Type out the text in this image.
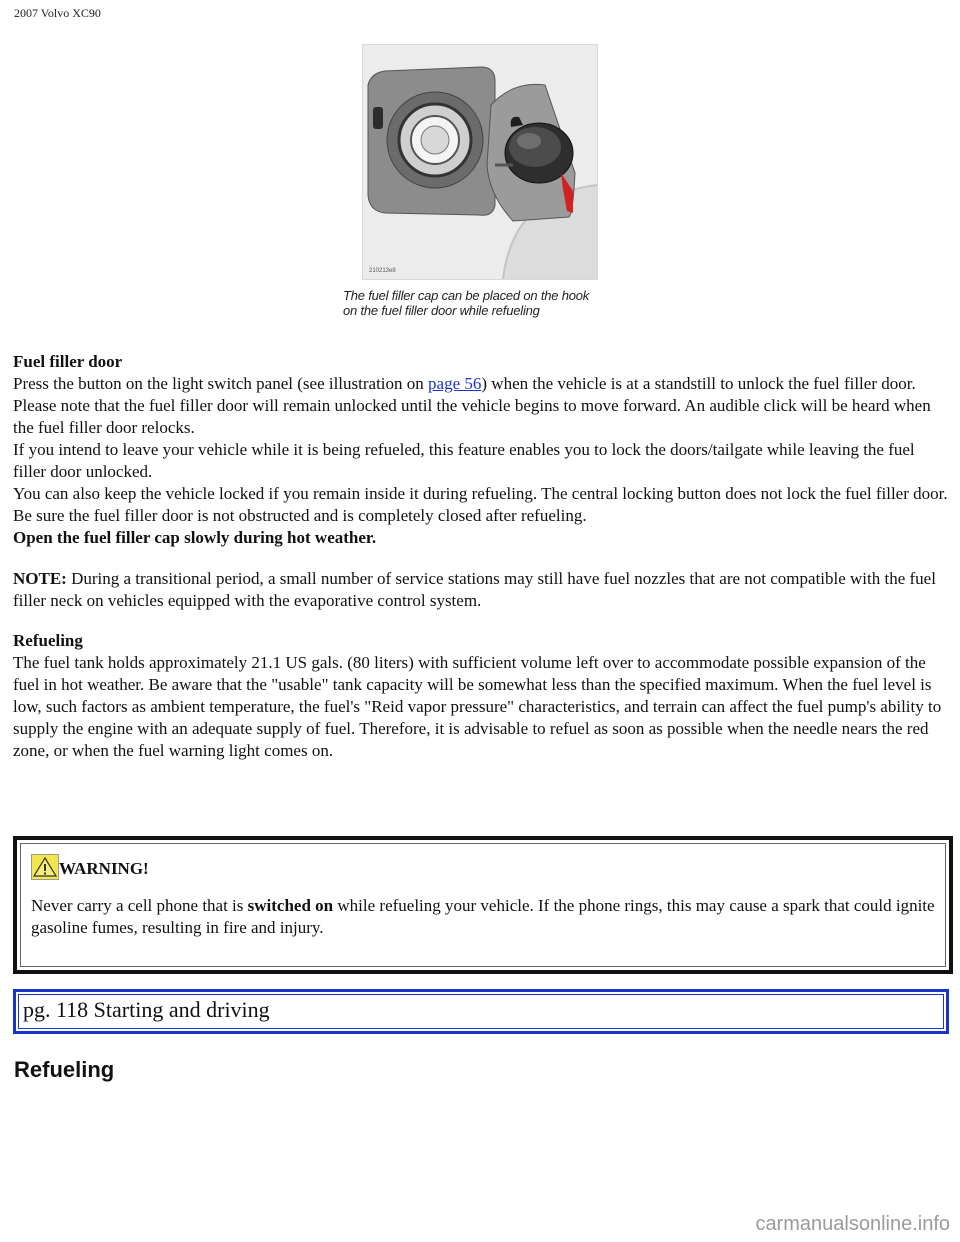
2007 Volvo XC90
210213e8
The fuel filler cap can be placed on the hook
on the fuel filler door while refueling

Fuel filler door

Press the button on the light switch panel (see illustration on page 56) when the vehicle is at a standstill to unlock the fuel filler door. Please note that the fuel filler door will remain unlocked until the vehicle begins to move forward. An audible click will be heard when the fuel filler door relocks.

If you intend to leave your vehicle while it is being refueled, this feature enables you to lock the doors/tailgate while leaving the fuel filler door unlocked.

You can also keep the vehicle locked if you remain inside it during refueling. The central locking button does not lock the fuel filler door. Be sure the fuel filler door is not obstructed and is completely closed after refueling.

Open the fuel filler cap slowly during hot weather.

NOTE: During a transitional period, a small number of service stations may still have fuel nozzles that are not compatible with the fuel filler neck on vehicles equipped with the evaporative control system.

Refueling

The fuel tank holds approximately 21.1 US gals. (80 liters) with sufficient volume left over to accommodate possible expansion of the fuel in hot weather. Be aware that the "usable" tank capacity will be somewhat less than the specified maximum. When the fuel level is low, such factors as ambient temperature, the fuel's "Reid vapor pressure" characteristics, and terrain can affect the fuel pump's ability to supply the engine with an adequate supply of fuel. Therefore, it is advisable to refuel as soon as possible when the needle nears the red zone, or when the fuel warning light comes on.

WARNING!

Never carry a cell phone that is switched on while refueling your vehicle. If the phone rings, this may cause a spark that could ignite gasoline fumes, resulting in fire and injury.

pg. 118 Starting and driving
Refueling
carmanualsonline.info
